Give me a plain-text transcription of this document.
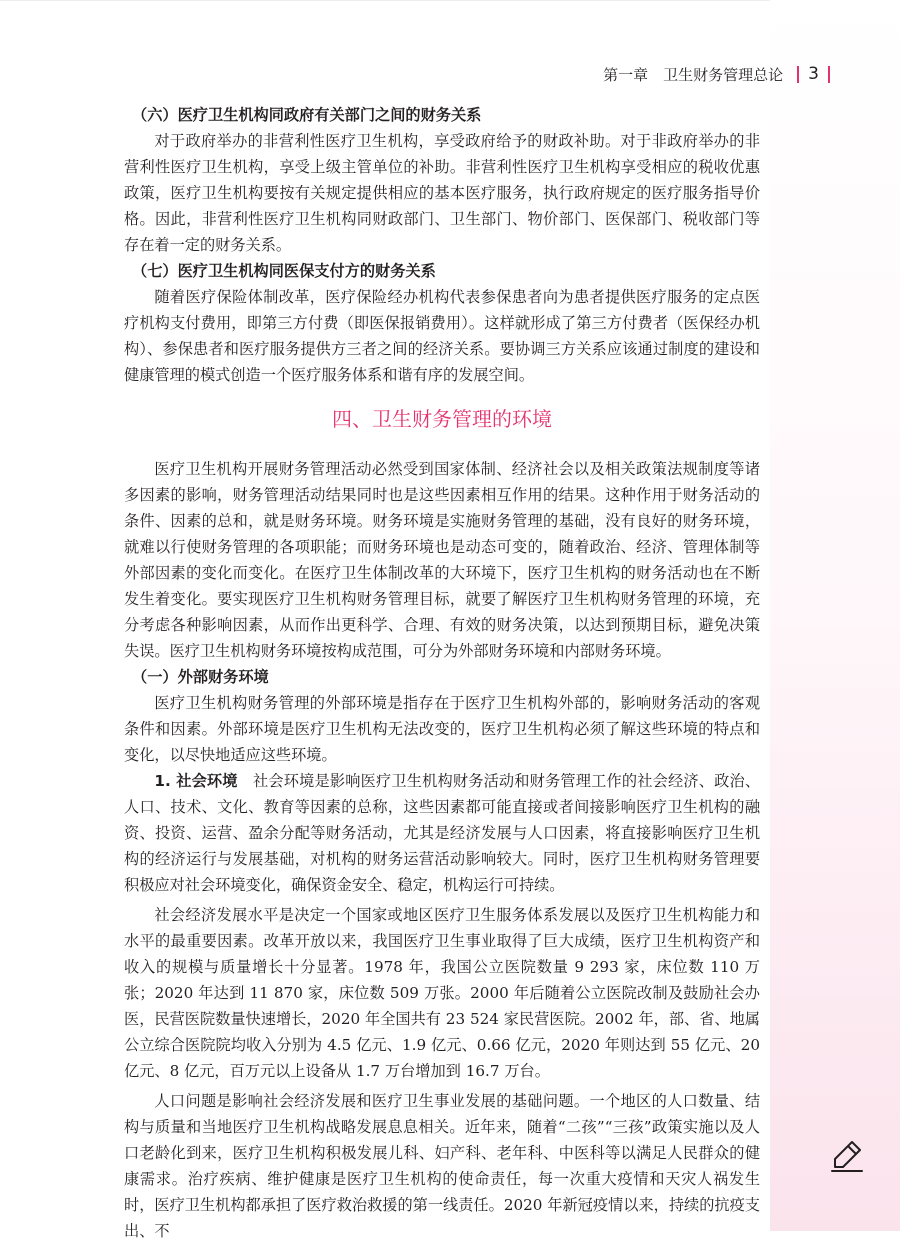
第一章　卫生财务管理总论 3

（六）医疗卫生机构同政府有关部门之间的财务关系

对于政府举办的非营利性医疗卫生机构，享受政府给予的财政补助。对于非政府举办的非营利性医疗卫生机构，享受上级主管单位的补助。非营利性医疗卫生机构享受相应的税收优惠政策，医疗卫生机构要按有关规定提供相应的基本医疗服务，执行政府规定的医疗服务指导价格。因此，非营利性医疗卫生机构同财政部门、卫生部门、物价部门、医保部门、税收部门等存在着一定的财务关系。

（七）医疗卫生机构同医保支付方的财务关系

随着医疗保险体制改革，医疗保险经办机构代表参保患者向为患者提供医疗服务的定点医疗机构支付费用，即第三方付费（即医保报销费用）。这样就形成了第三方付费者（医保经办机构）、参保患者和医疗服务提供方三者之间的经济关系。要协调三方关系应该通过制度的建设和健康管理的模式创造一个医疗服务体系和谐有序的发展空间。

四、卫生财务管理的环境

医疗卫生机构开展财务管理活动必然受到国家体制、经济社会以及相关政策法规制度等诸多因素的影响，财务管理活动结果同时也是这些因素相互作用的结果。这种作用于财务活动的条件、因素的总和，就是财务环境。财务环境是实施财务管理的基础，没有良好的财务环境，就难以行使财务管理的各项职能；而财务环境也是动态可变的，随着政治、经济、管理体制等外部因素的变化而变化。在医疗卫生体制改革的大环境下，医疗卫生机构的财务活动也在不断发生着变化。要实现医疗卫生机构财务管理目标，就要了解医疗卫生机构财务管理的环境，充分考虑各种影响因素，从而作出更科学、合理、有效的财务决策，以达到预期目标，避免决策失误。医疗卫生机构财务环境按构成范围，可分为外部财务环境和内部财务环境。

（一）外部财务环境

医疗卫生机构财务管理的外部环境是指存在于医疗卫生机构外部的，影响财务活动的客观条件和因素。外部环境是医疗卫生机构无法改变的，医疗卫生机构必须了解这些环境的特点和变化，以尽快地适应这些环境。

1. 社会环境　 社会环境是影响医疗卫生机构财务活动和财务管理工作的社会经济、政治、人口、技术、文化、教育等因素的总称，这些因素都可能直接或者间接影响医疗卫生机构的融资、投资、运营、盈余分配等财务活动，尤其是经济发展与人口因素，将直接影响医疗卫生机构的经济运行与发展基础，对机构的财务运营活动影响较大。同时，医疗卫生机构财务管理要积极应对社会环境变化，确保资金安全、稳定，机构运行可持续。

社会经济发展水平是决定一个国家或地区医疗卫生服务体系发展以及医疗卫生机构能力和水平的最重要因素。改革开放以来，我国医疗卫生事业取得了巨大成绩，医疗卫生机构资产和收入的规模与质量增长十分显著。1978 年，我国公立医院数量 9 293 家，床位数 110 万张；2020 年达到 11 870 家，床位数 509 万张。2000 年后随着公立医院改制及鼓励社会办医，民营医院数量快速增长，2020 年全国共有 23 524 家民营医院。2002 年，部、省、地属公立综合医院院均收入分别为 4.5 亿元、1.9 亿元、0.66 亿元，2020 年则达到 55 亿元、20 亿元、8 亿元，百万元以上设备从 1.7 万台增加到 16.7 万台。

人口问题是影响社会经济发展和医疗卫生事业发展的基础问题。一个地区的人口数量、结构与质量和当地医疗卫生机构战略发展息息相关。近年来，随着“二孩”“三孩”政策实施以及人口老龄化到来，医疗卫生机构积极发展儿科、妇产科、老年科、中医科等以满足人民群众的健康需求。治疗疾病、维护健康是医疗卫生机构的使命责任，每一次重大疫情和天灾人祸发生时，医疗卫生机构都承担了医疗救治救援的第一线责任。2020 年新冠疫情以来，持续的抗疫支出、不
